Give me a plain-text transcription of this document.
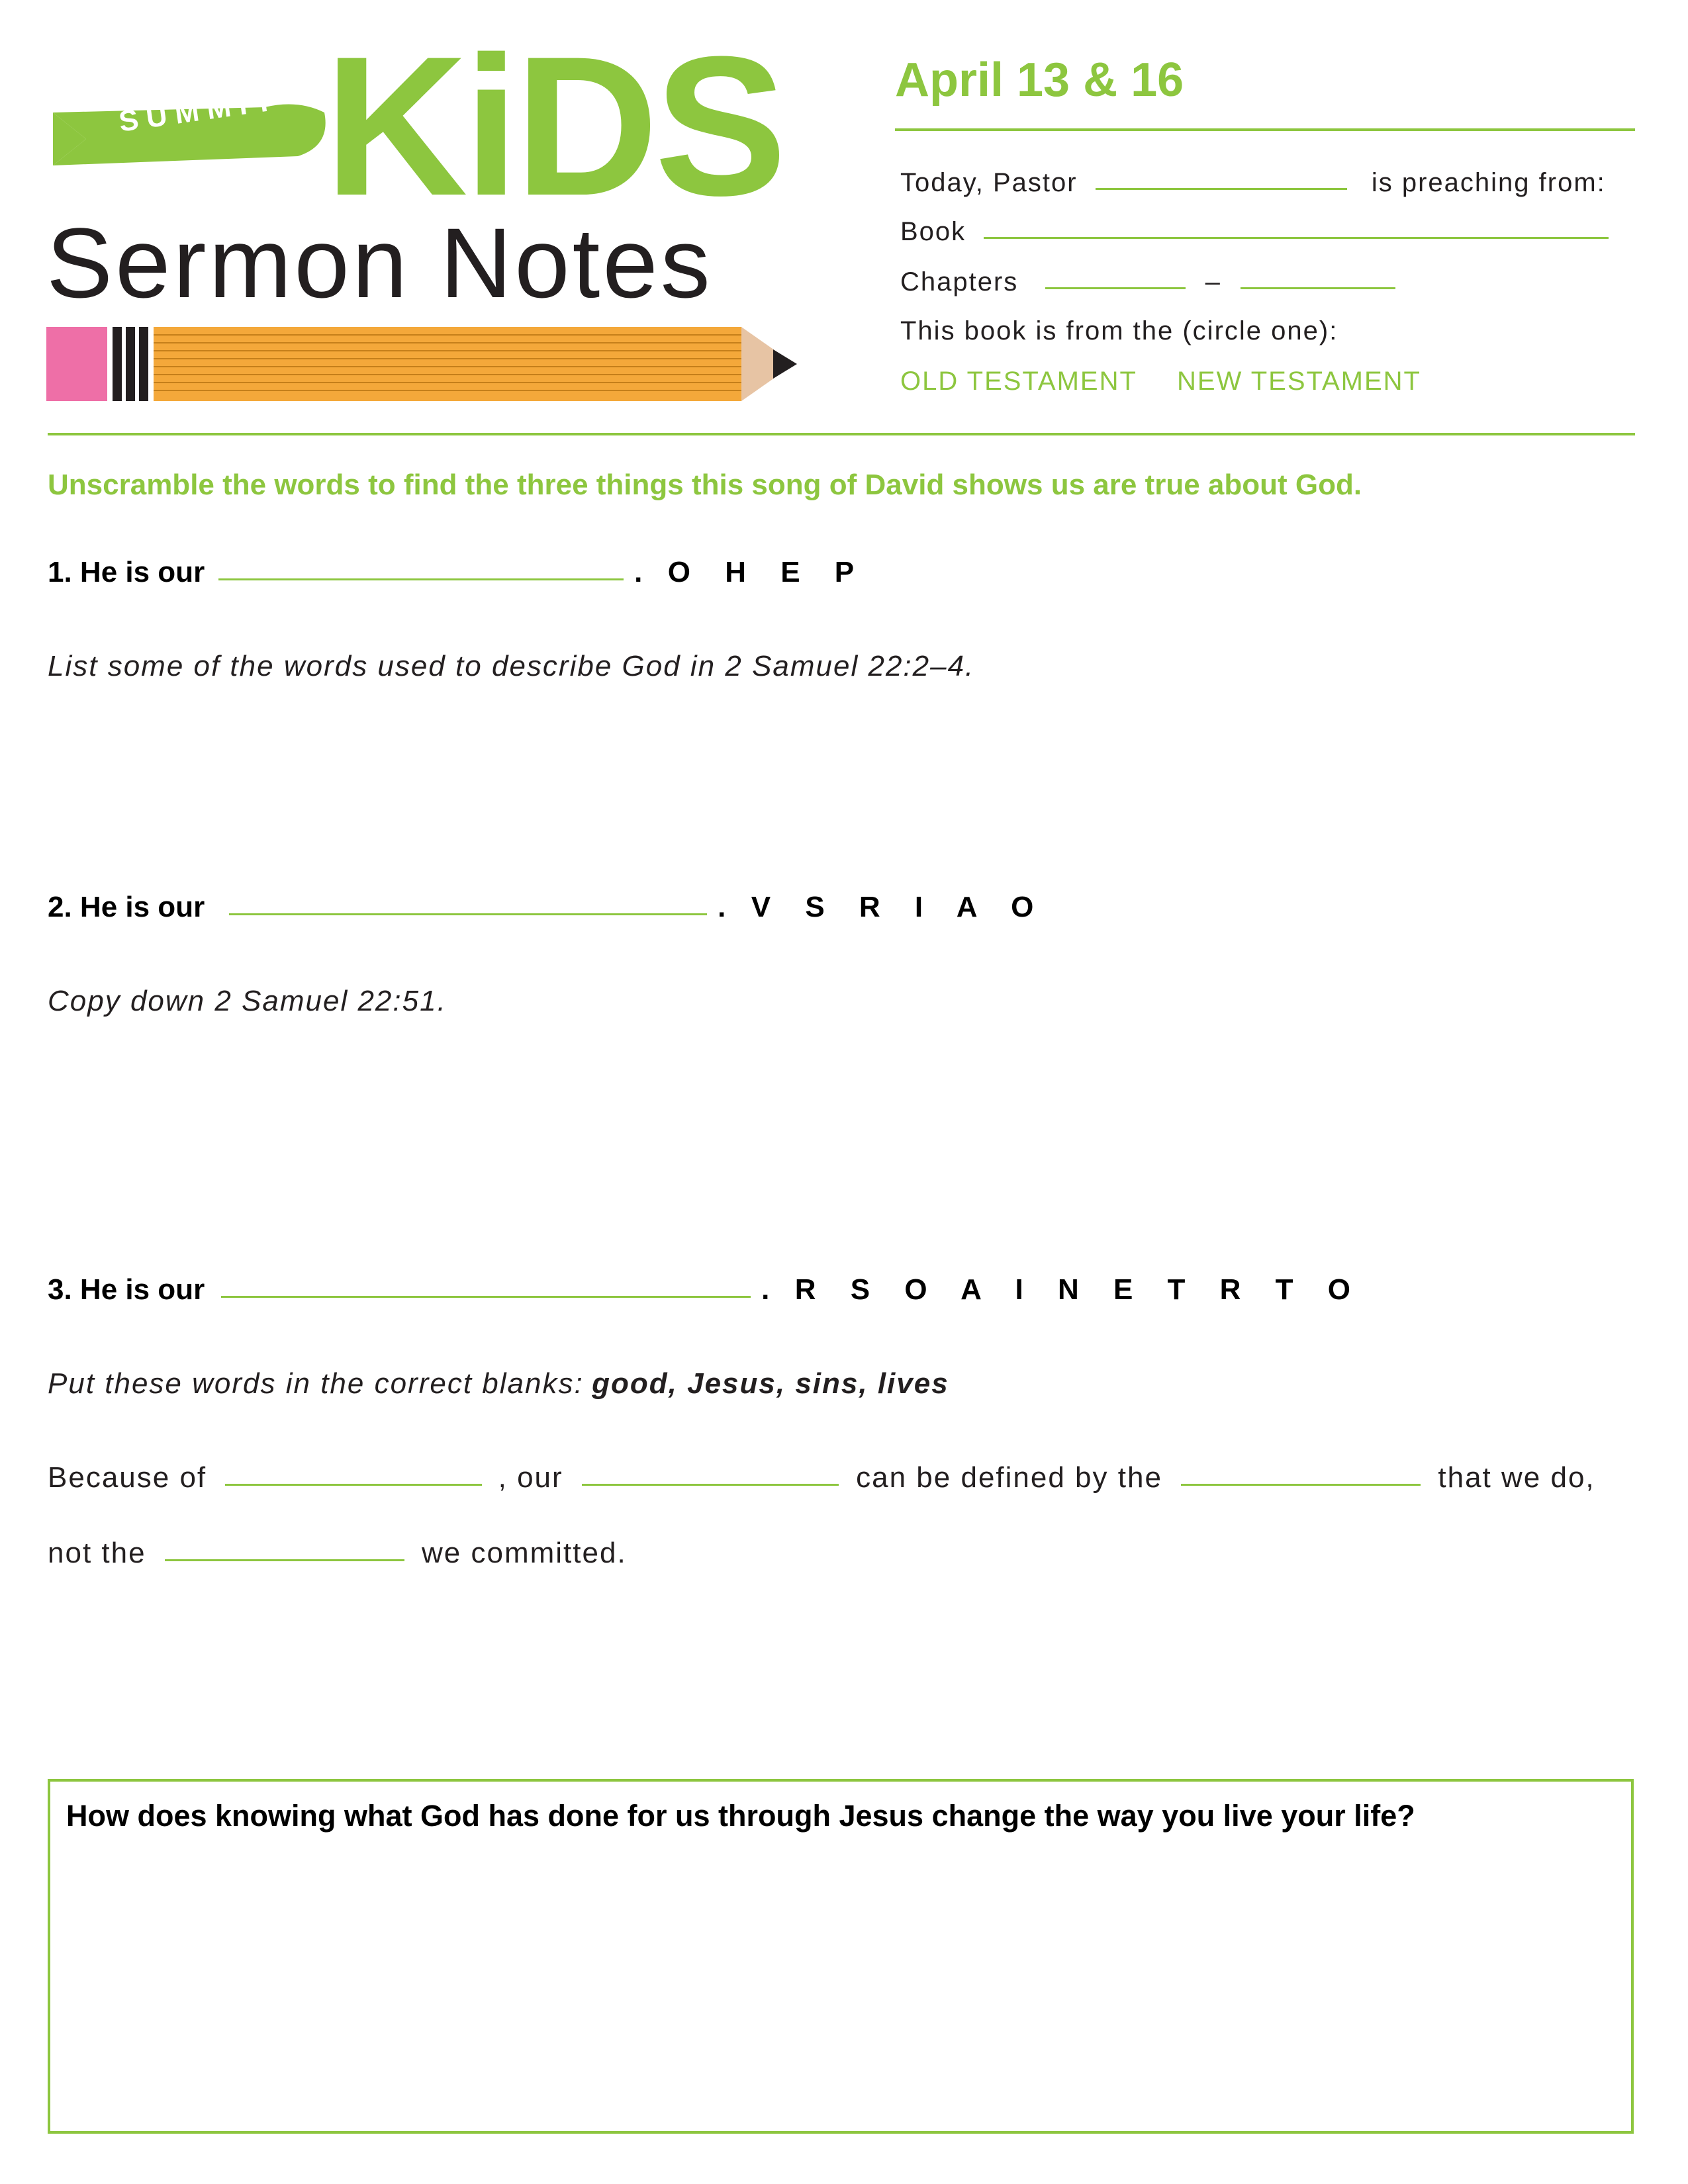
SUMMIT KiDS
Sermon Notes
April 13 & 16
Today, Pastor	is preaching from:
Book
Chapters	–
This book is from the (circle one):
OLD TESTAMENT NEW TESTAMENT
Unscramble the words to find the three things this song of David shows us are true about God.
1. He is our	. O H E P
List some of the words used to describe God in 2 Samuel 22:2–4.
2. He is our	. V S R I A O
Copy down 2 Samuel 22:51.
3. He is our	. R S O A I N E T R T O
Put these words in the correct blanks: good, Jesus, sins, lives
Because of	, our	can be defined by the	that we do,
not the	we committed.
How does knowing what God has done for us through Jesus change the way you live your life?
